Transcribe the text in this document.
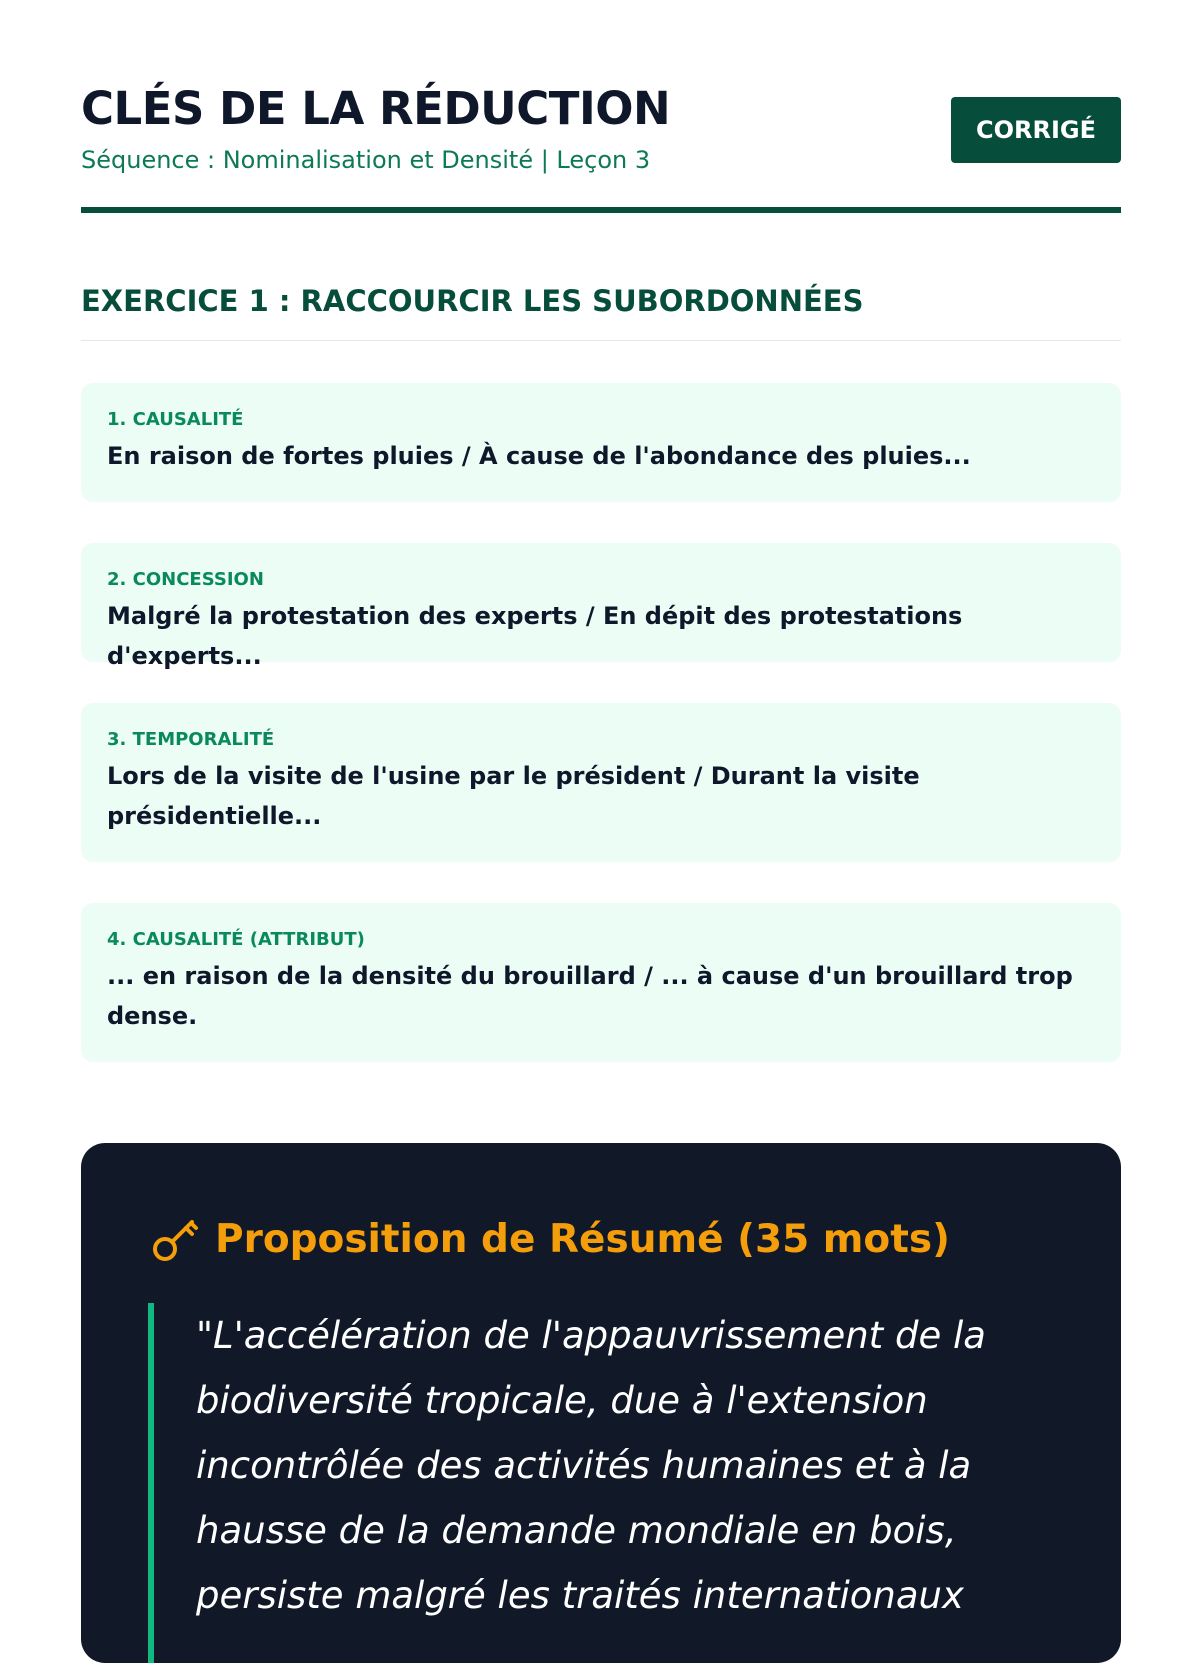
CLÉS DE LA RÉDUCTION
Séquence : Nominalisation et Densité | Leçon 3
CORRIGÉ
EXERCICE 1 : RACCOURCIR LES SUBORDONNÉES
1. CAUSALITÉ
En raison de fortes pluies / À cause de l'abondance des pluies...
2. CONCESSION
Malgré la protestation des experts / En dépit des protestations d'experts...
3. TEMPORALITÉ
Lors de la visite de l'usine par le président / Durant la visite présidentielle...
4. CAUSALITÉ (ATTRIBUT)
... en raison de la densité du brouillard / ... à cause d'un brouillard trop dense.
Proposition de Résumé (35 mots)

"L'accélération de l'appauvrissement de la biodiversité tropicale, due à l'extension incontrôlée des activités humaines et à la hausse de la demande mondiale en bois, persiste malgré les traités internationaux
